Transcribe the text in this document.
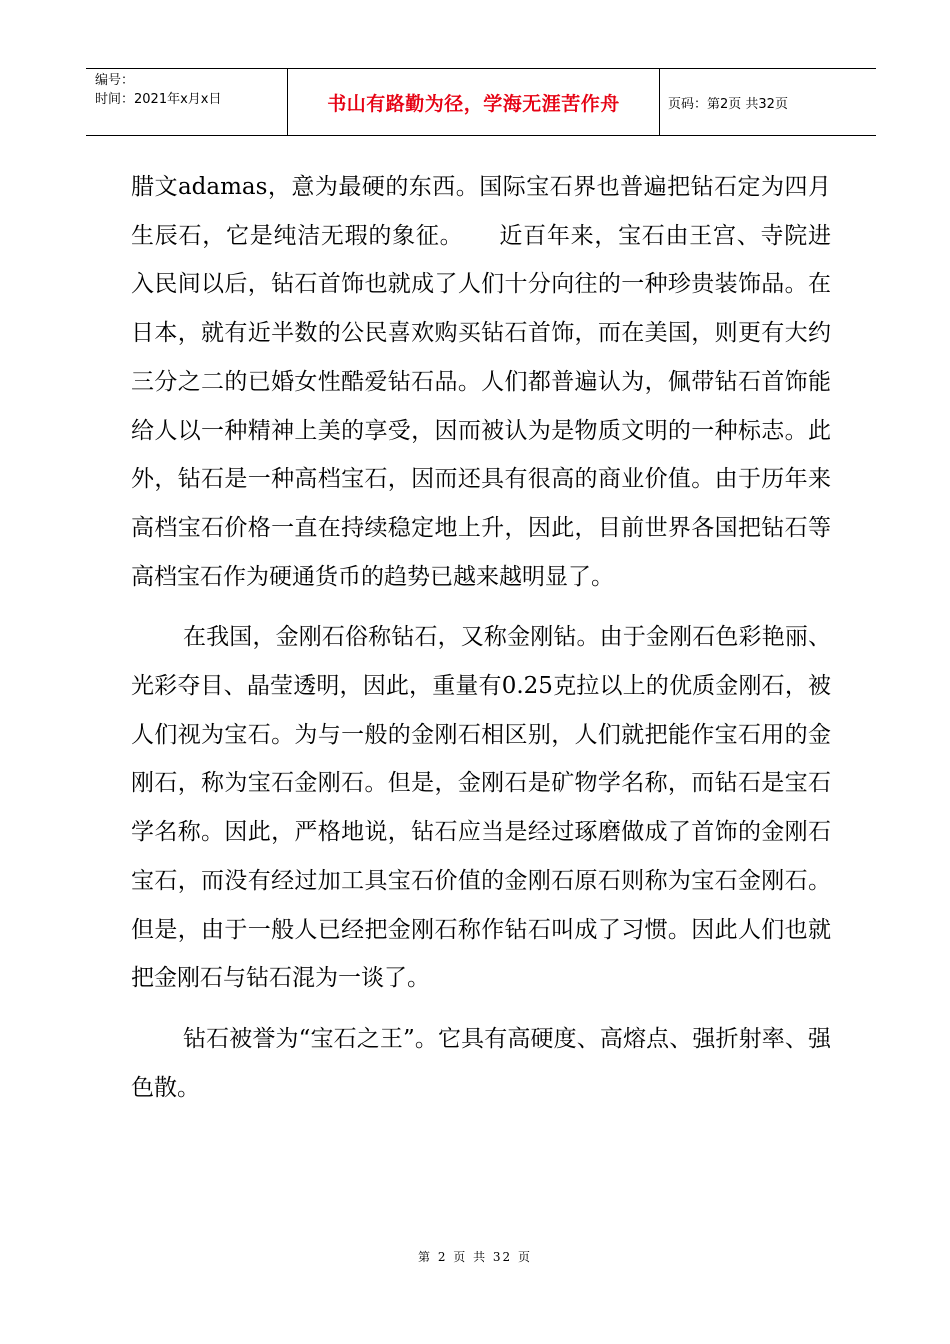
编号：
时间：2021年x月x日	书山有路勤为径，学海无涯苦作舟	页码：第2页 共32页

腊文adamas，意为最硬的东西。国际宝石界也普遍把钻石定为四月生辰石，它是纯洁无瑕的象征。　　近百年来，宝石由王宫、寺院进入民间以后，钻石首饰也就成了人们十分向往的一种珍贵装饰品。在日本，就有近半数的公民喜欢购买钻石首饰，而在美国，则更有大约三分之二的已婚女性酷爱钻石品。人们都普遍认为，佩带钻石首饰能给人以一种精神上美的享受，因而被认为是物质文明的一种标志。此外，钻石是一种高档宝石，因而还具有很高的商业价值。由于历年来高档宝石价格一直在持续稳定地上升，因此，目前世界各国把钻石等高档宝石作为硬通货币的趋势已越来越明显了。

在我国，金刚石俗称钻石，又称金刚钻。由于金刚石色彩艳丽、光彩夺目、晶莹透明，因此，重量有0.25克拉以上的优质金刚石，被人们视为宝石。为与一般的金刚石相区别，人们就把能作宝石用的金刚石，称为宝石金刚石。但是，金刚石是矿物学名称，而钻石是宝石学名称。因此，严格地说，钻石应当是经过琢磨做成了首饰的金刚石宝石，而没有经过加工具宝石价值的金刚石原石则称为宝石金刚石。但是，由于一般人已经把金刚石称作钻石叫成了习惯。因此人们也就把金刚石与钻石混为一谈了。

钻石被誉为“宝石之王”。它具有高硬度、高熔点、强折射率、强色散。

第 2 页 共 32 页
